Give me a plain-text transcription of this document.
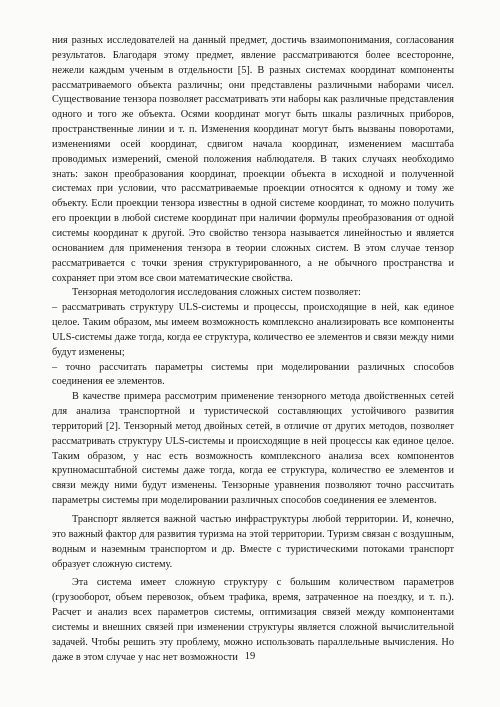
ния разных исследователей на данный предмет, достичь взаимопонимания, согласования результатов. Благодаря этому предмет, явление рассматриваются более всесторонне, нежели каждым ученым в отдельности [5]. В разных системах координат компоненты рассматриваемого объекта различны; они представлены различными наборами чисел. Существование тензора позволяет рассматривать эти наборы как различные представления одного и того же объекта. Осями координат могут быть шкалы различных приборов, пространственные линии и т. п. Изменения координат могут быть вызваны поворотами, изменениями осей координат, сдвигом начала координат, изменением масштаба проводимых измерений, сменой положения наблюдателя. В таких случаях необходимо знать: закон преобразования координат, проекции объекта в исходной и полученной системах при условии, что рассматриваемые проекции относятся к одному и тому же объекту. Если проекции тензора известны в одной системе координат, то можно получить его проекции в любой системе координат при наличии формулы преобразования от одной системы координат к другой. Это свойство тензора называется линейностью и является основанием для применения тензора в теории сложных систем. В этом случае тензор рассматривается с точки зрения структурированного, а не обычного пространства и сохраняет при этом все свои математические свойства.

Тензорная методология исследования сложных систем позволяет:

– рассматривать структуру ULS-системы и процессы, происходящие в ней, как единое целое. Таким образом, мы имеем возможность комплексно анализировать все компоненты ULS-системы даже тогда, когда ее структура, количество ее элементов и связи между ними будут изменены;

– точно рассчитать параметры системы при моделировании различных способов соединения ее элементов.

В качестве примера рассмотрим применение тензорного метода двойственных сетей для анализа транспортной и туристической составляющих устойчивого развития территорий [2]. Тензорный метод двойных сетей, в отличие от других методов, позволяет рассматривать структуру ULS-системы и происходящие в ней процессы как единое целое. Таким образом, у нас есть возможность комплексного анализа всех компонентов крупномасштабной системы даже тогда, когда ее структура, количество ее элементов и связи между ними будут изменены. Тензорные уравнения позволяют точно рассчитать параметры системы при моделировании различных способов соединения ее элементов.

Транспорт является важной частью инфраструктуры любой территории. И, конечно, это важный фактор для развития туризма на этой территории. Туризм связан с воздушным, водным и наземным транспортом и др. Вместе с туристическими потоками транспорт образует сложную систему.

Эта система имеет сложную структуру с большим количеством параметров (грузооборот, объем перевозок, объем трафика, время, затраченное на поездку, и т. п.). Расчет и анализ всех параметров системы, оптимизация связей между компонентами системы и внешних связей при изменении структуры является сложной вычислительной задачей. Чтобы решить эту проблему, можно использовать параллельные вычисления. Но даже в этом случае у нас нет возможности 19
